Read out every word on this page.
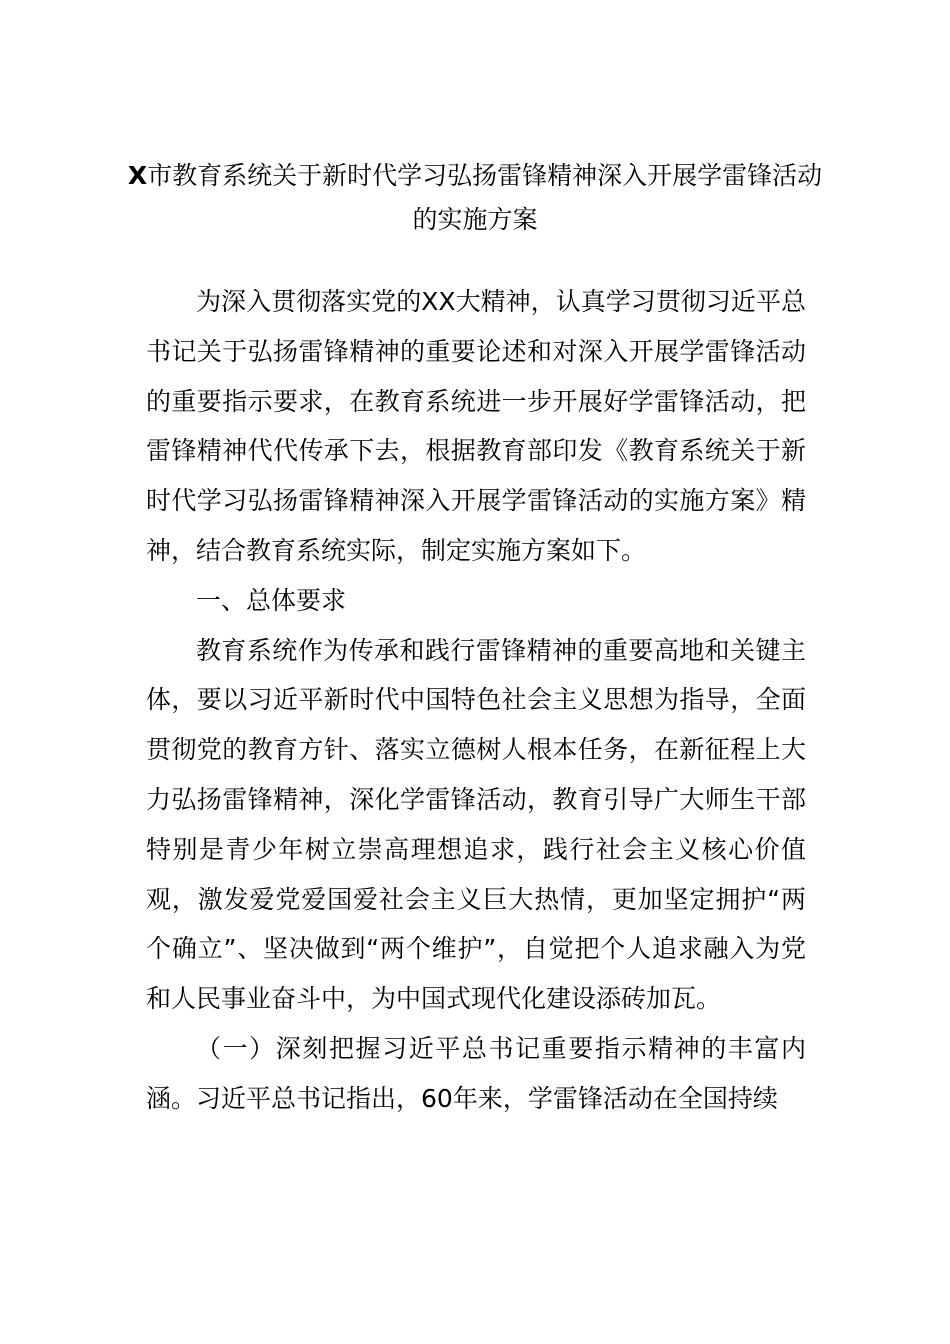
X市教育系统关于新时代学习弘扬雷锋精神深入开展学雷锋活动的实施方案

为深入贯彻落实党的XX大精神，认真学习贯彻习近平总书记关于弘扬雷锋精神的重要论述和对深入开展学雷锋活动的重要指示要求，在教育系统进一步开展好学雷锋活动，把雷锋精神代代传承下去，根据教育部印发《教育系统关于新时代学习弘扬雷锋精神深入开展学雷锋活动的实施方案》精神，结合教育系统实际，制定实施方案如下。

一、总体要求

教育系统作为传承和践行雷锋精神的重要高地和关键主体，要以习近平新时代中国特色社会主义思想为指导，全面贯彻党的教育方针、落实立德树人根本任务，在新征程上大力弘扬雷锋精神，深化学雷锋活动，教育引导广大师生干部特别是青少年树立崇高理想追求，践行社会主义核心价值观，激发爱党爱国爱社会主义巨大热情，更加坚定拥护“两个确立”、坚决做到“两个维护”，自觉把个人追求融入为党和人民事业奋斗中，为中国式现代化建设添砖加瓦。

（一）深刻把握习近平总书记重要指示精神的丰富内涵。习近平总书记指出，60年来，学雷锋活动在全国持续
